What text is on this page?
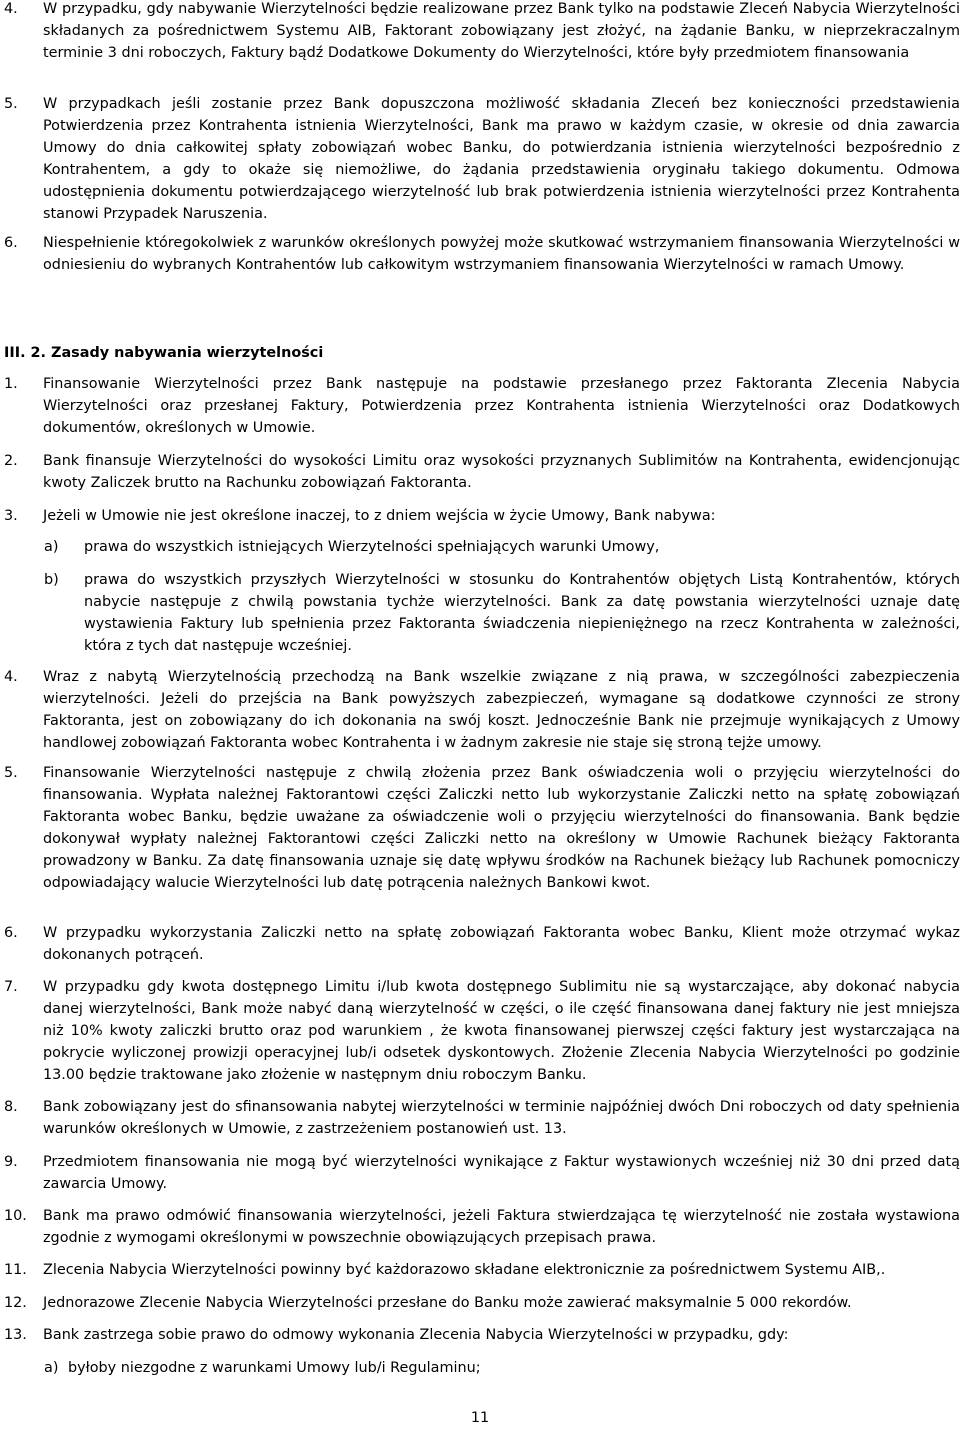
4. W przypadku, gdy nabywanie Wierzytelności będzie realizowane przez Bank tylko na podstawie Zleceń Nabycia Wierzytelności składanych za pośrednictwem Systemu AIB, Faktorant zobowiązany jest złożyć, na żądanie Banku, w nieprzekraczalnym terminie 3 dni roboczych, Faktury bądź Dodatkowe Dokumenty do Wierzytelności, które były przedmiotem finansowania
5. W przypadkach jeśli zostanie przez Bank dopuszczona możliwość składania Zleceń bez konieczności przedstawienia Potwierdzenia przez Kontrahenta istnienia Wierzytelności, Bank ma prawo w każdym czasie, w okresie od dnia zawarcia Umowy do dnia całkowitej spłaty zobowiązań wobec Banku, do potwierdzania istnienia wierzytelności bezpośrednio z Kontrahentem, a gdy to okaże się niemożliwe, do żądania przedstawienia oryginału takiego dokumentu. Odmowa udostępnienia dokumentu potwierdzającego wierzytelność lub brak potwierdzenia istnienia wierzytelności przez Kontrahenta stanowi Przypadek Naruszenia.
6. Niespełnienie któregokolwiek z warunków określonych powyżej może skutkować wstrzymaniem finansowania Wierzytelności w odniesieniu do wybranych Kontrahentów lub całkowitym wstrzymaniem finansowania Wierzytelności w ramach Umowy.
III. 2. Zasady nabywania wierzytelności
1. Finansowanie Wierzytelności przez Bank następuje na podstawie przesłanego przez Faktoranta Zlecenia Nabycia Wierzytelności oraz przesłanej Faktury, Potwierdzenia przez Kontrahenta istnienia Wierzytelności oraz Dodatkowych dokumentów, określonych w Umowie.
2. Bank finansuje Wierzytelności do wysokości Limitu oraz wysokości przyznanych Sublimitów na Kontrahenta, ewidencjonując kwoty Zaliczek brutto na Rachunku zobowiązań Faktoranta.
3. Jeżeli w Umowie nie jest określone inaczej, to z dniem wejścia w życie Umowy, Bank nabywa:
a) prawa do wszystkich istniejących Wierzytelności spełniających warunki Umowy,
b) prawa do wszystkich przyszłych Wierzytelności w stosunku do Kontrahentów objętych Listą Kontrahentów, których nabycie następuje z chwilą powstania tychże wierzytelności. Bank za datę powstania wierzytelności uznaje datę wystawienia Faktury lub spełnienia przez Faktoranta świadczenia niepieniężnego na rzecz Kontrahenta w zależności, która z tych dat następuje wcześniej.
4. Wraz z nabytą Wierzytelnością przechodzą na Bank wszelkie związane z nią prawa, w szczególności zabezpieczenia wierzytelności. Jeżeli do przejścia na Bank powyższych zabezpieczeń, wymagane są dodatkowe czynności ze strony Faktoranta, jest on zobowiązany do ich dokonania na swój koszt. Jednocześnie Bank nie przejmuje wynikających z Umowy handlowej zobowiązań Faktoranta wobec Kontrahenta i w żadnym zakresie nie staje się stroną tejże umowy.
5. Finansowanie Wierzytelności następuje z chwilą złożenia przez Bank oświadczenia woli o przyjęciu wierzytelności do finansowania. Wypłata należnej Faktorantowi części Zaliczki netto lub wykorzystanie Zaliczki netto na spłatę zobowiązań Faktoranta wobec Banku, będzie uważane za oświadczenie woli o przyjęciu wierzytelności do finansowania. Bank będzie dokonywał wypłaty należnej Faktorantowi części Zaliczki netto na określony w Umowie Rachunek bieżący Faktoranta prowadzony w Banku. Za datę finansowania uznaje się datę wpływu środków na Rachunek bieżący lub Rachunek pomocniczy odpowiadający walucie Wierzytelności lub datę potrącenia należnych Bankowi kwot.
6. W przypadku wykorzystania Zaliczki netto na spłatę zobowiązań Faktoranta wobec Banku, Klient może otrzymać wykaz dokonanych potrąceń.
7. W przypadku gdy kwota dostępnego Limitu i/lub kwota dostępnego Sublimitu nie są wystarczające, aby dokonać nabycia danej wierzytelności, Bank może nabyć daną wierzytelność w części, o ile część finansowana danej faktury nie jest mniejsza niż 10% kwoty zaliczki brutto oraz pod warunkiem , że kwota finansowanej pierwszej części faktury jest wystarczająca na pokrycie wyliczonej prowizji operacyjnej lub/i odsetek dyskontowych. Złożenie Zlecenia Nabycia Wierzytelności po godzinie 13.00 będzie traktowane jako złożenie w następnym dniu roboczym Banku.
8. Bank zobowiązany jest do sfinansowania nabytej wierzytelności w terminie najpóźniej dwóch Dni roboczych od daty spełnienia warunków określonych w Umowie, z zastrzeżeniem postanowień ust. 13.
9. Przedmiotem finansowania nie mogą być wierzytelności wynikające z Faktur wystawionych wcześniej niż 30 dni przed datą zawarcia Umowy.
10. Bank ma prawo odmówić finansowania wierzytelności, jeżeli Faktura stwierdzająca tę wierzytelność nie została wystawiona zgodnie z wymogami określonymi w powszechnie obowiązujących przepisach prawa.
11. Zlecenia Nabycia Wierzytelności powinny być każdorazowo składane elektronicznie za pośrednictwem Systemu AIB,.
12. Jednorazowe Zlecenie Nabycia Wierzytelności przesłane do Banku może zawierać maksymalnie 5 000 rekordów.
13. Bank zastrzega sobie prawo do odmowy wykonania Zlecenia Nabycia Wierzytelności w przypadku, gdy:
a) byłoby niezgodne z warunkami Umowy lub/i Regulaminu;
11
